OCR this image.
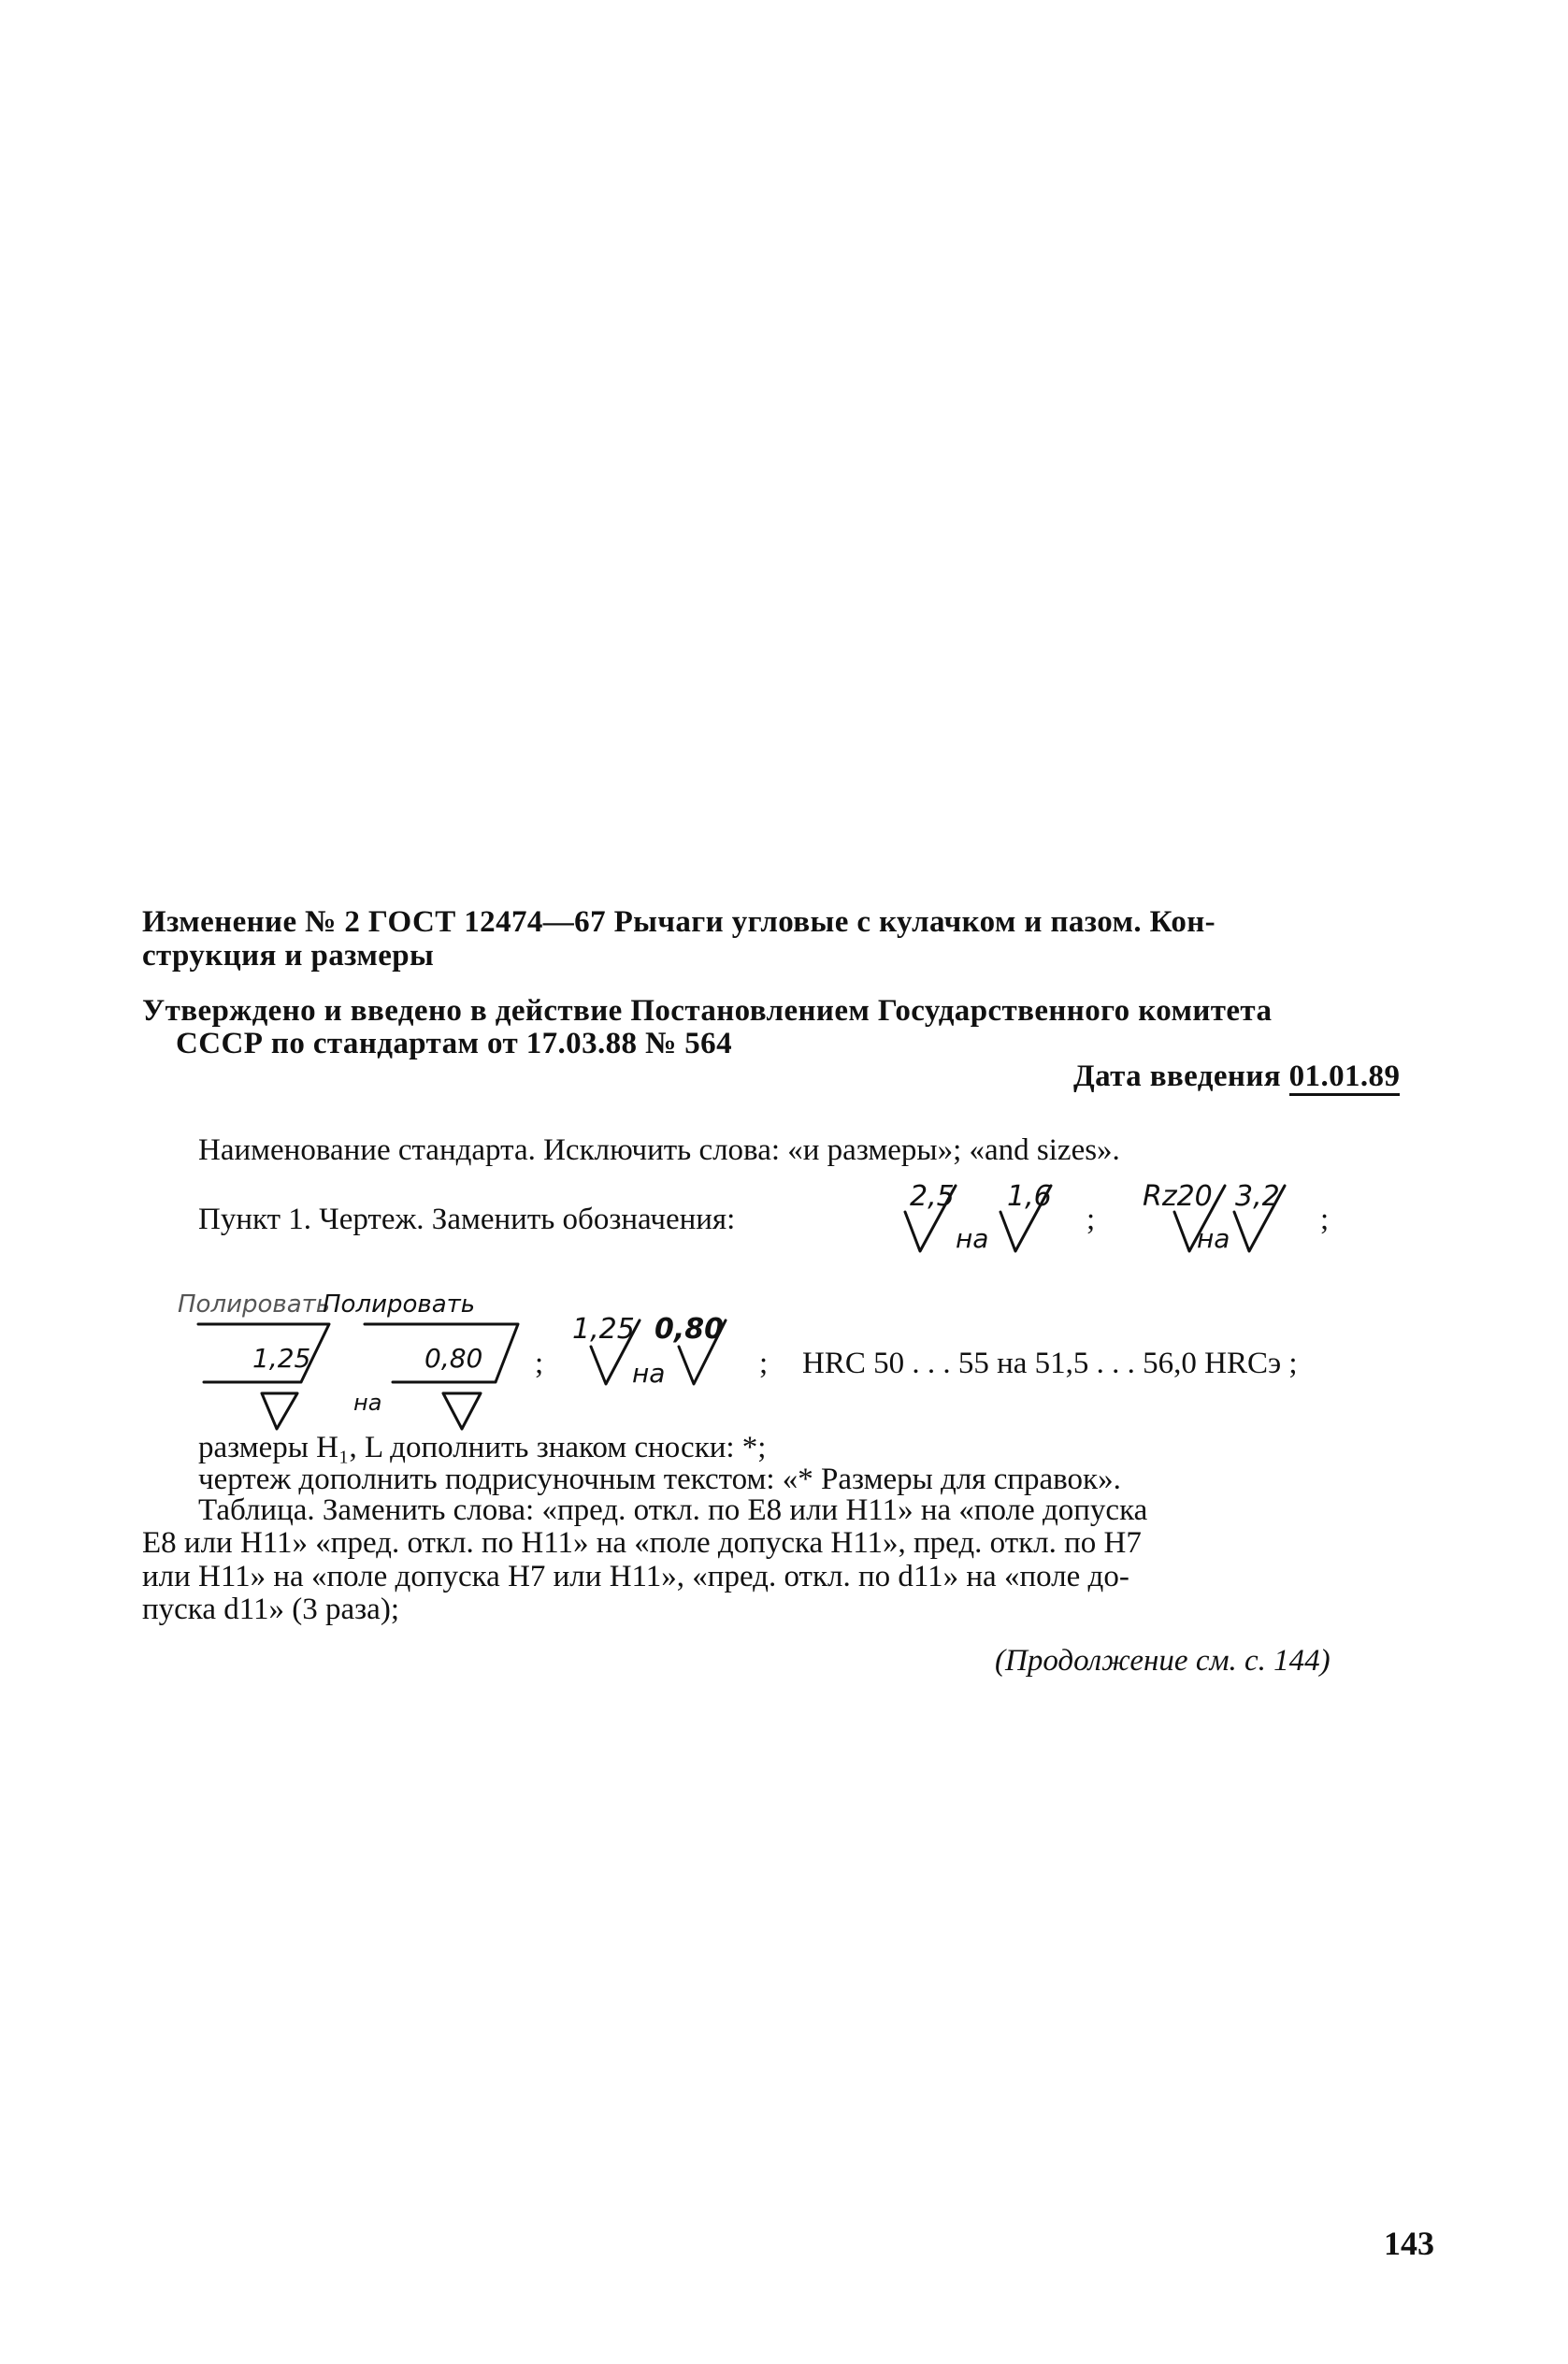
Изменение № 2 ГОСТ 12474—67 Рычаги угловые с кулачком и пазом. Кон-
струкция и размеры
Утверждено и введено в действие Постановлением Государственного комитета
СССР по стандартам от 17.03.88 № 564
Дата введения 01.01.89
Наименование стандарта. Исключить слова: «и размеры»; «and sizes».
Пункт 1. Чертеж. Заменить обозначения:
2,5 1,6
на
;
Rz20 3,2
на
;
Полировать
Полировать
1,25	0,80
на
;
1,25 0,80
на	; HRC 50 . . . 55 на 51,5 . . . 56,0 HRCэ ;
размеры H₁, L дополнить знаком сноски: *;
чертеж дополнить подрисуночным текстом: «* Размеры для справок».
Таблица. Заменить слова: «пред. откл. по Е8 или Н11» на «поле допуска
Е8 или Н11» «пред. откл. по Н11» на «поле допуска Н11», пред. откл. по Н7
или Н11» на «поле допуска Н7 или Н11», «пред. откл. по d11» на «поле до-
пуска d11» (3 раза);
(Продолжение см. с. 144)
143
